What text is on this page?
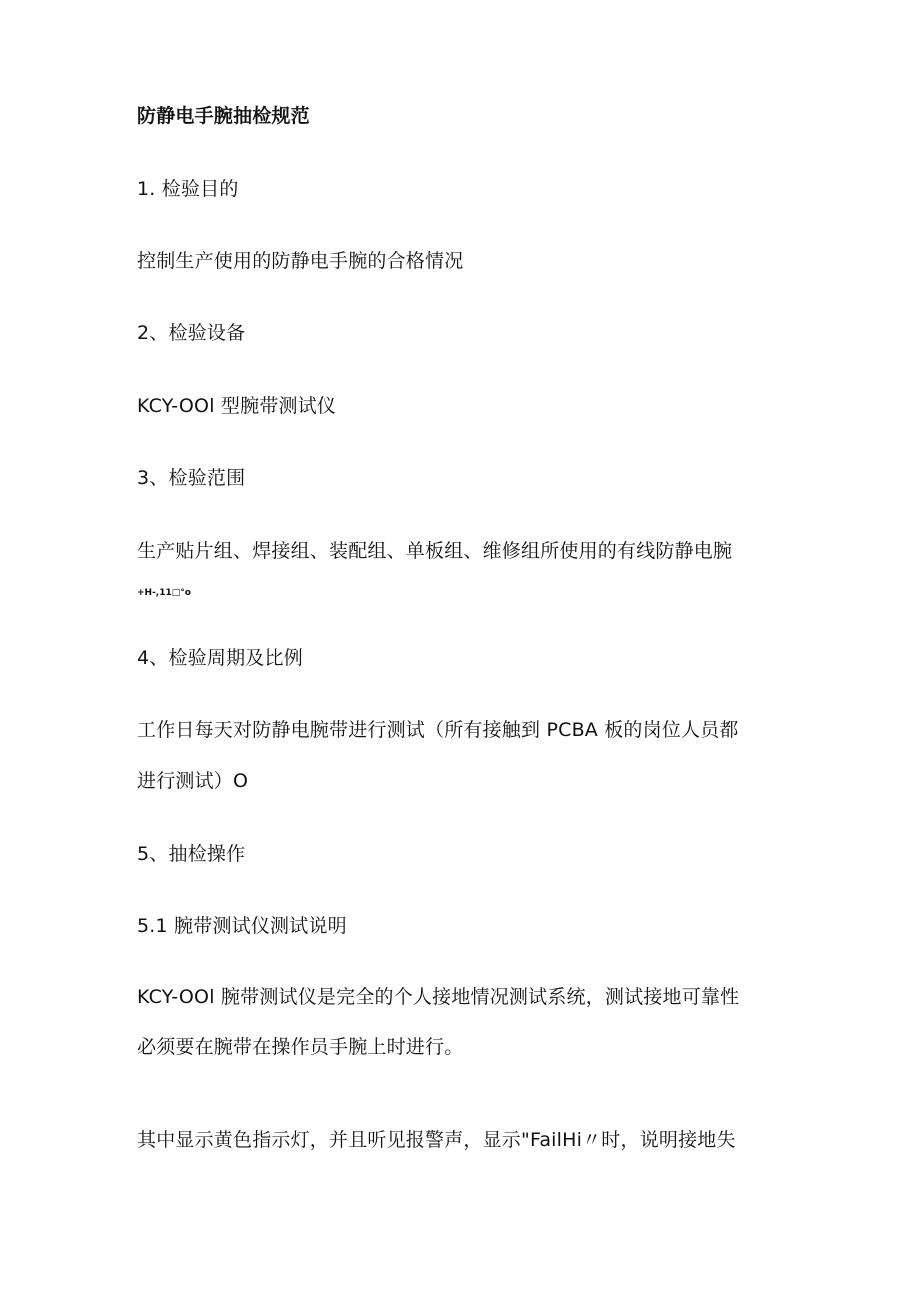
防静电手腕抽检规范
1. 检验目的
控制生产使用的防静电手腕的合格情况
2、检验设备
KCY-OOl 型腕带测试仪
3、检验范围
生产贴片组、焊接组、装配组、单板组、维修组所使用的有线防静电腕
+H-,11□°o
4、检验周期及比例
工作日每天对防静电腕带进行测试（所有接触到 PCBA 板的岗位人员都
进行测试）O
5、抽检操作
5.1 腕带测试仪测试说明
KCY-OOl 腕带测试仪是完全的个人接地情况测试系统，测试接地可靠性
必须要在腕带在操作员手腕上时进行。
其中显示黄色指示灯，并且听见报警声，显示"FailHi〃时，说明接地失
